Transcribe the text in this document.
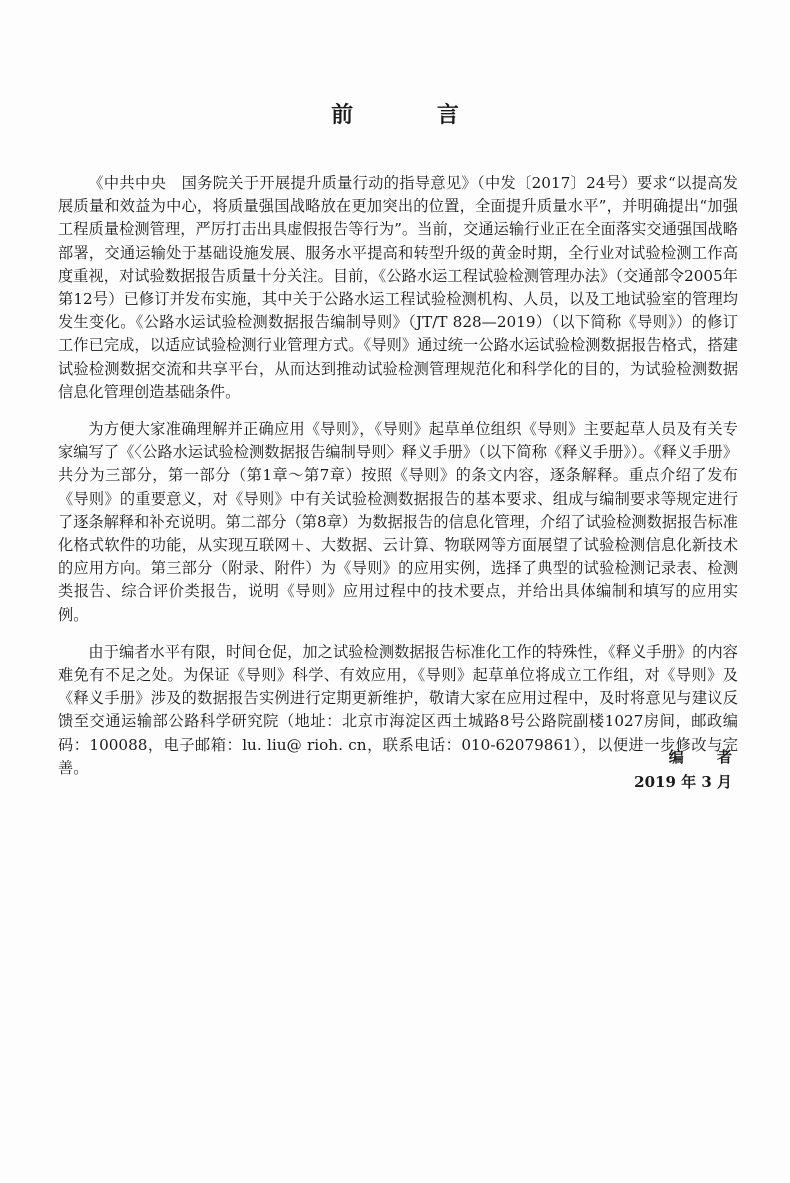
前 言

《中共中央　国务院关于开展提升质量行动的指导意见》（中发〔2017〕24号）要求“以提高发展质量和效益为中心，将质量强国战略放在更加突出的位置，全面提升质量水平”，并明确提出“加强工程质量检测管理，严厉打击出具虚假报告等行为”。当前，交通运输行业正在全面落实交通强国战略部署，交通运输处于基础设施发展、服务水平提高和转型升级的黄金时期，全行业对试验检测工作高度重视，对试验数据报告质量十分关注。目前，《公路水运工程试验检测管理办法》（交通部令2005年第12号）已修订并发布实施，其中关于公路水运工程试验检测机构、人员，以及工地试验室的管理均发生变化。《公路水运试验检测数据报告编制导则》（JT/T 828—2019）（以下简称《导则》）的修订工作已完成，以适应试验检测行业管理方式。《导则》通过统一公路水运试验检测数据报告格式，搭建试验检测数据交流和共享平台，从而达到推动试验检测管理规范化和科学化的目的，为试验检测数据信息化管理创造基础条件。

为方便大家准确理解并正确应用《导则》，《导则》起草单位组织《导则》主要起草人员及有关专家编写了《〈公路水运试验检测数据报告编制导则〉释义手册》（以下简称《释义手册》）。《释义手册》共分为三部分，第一部分（第1章～第7章）按照《导则》的条文内容，逐条解释。重点介绍了发布《导则》的重要意义，对《导则》中有关试验检测数据报告的基本要求、组成与编制要求等规定进行了逐条解释和补充说明。第二部分（第8章）为数据报告的信息化管理，介绍了试验检测数据报告标准化格式软件的功能，从实现互联网＋、大数据、云计算、物联网等方面展望了试验检测信息化新技术的应用方向。第三部分（附录、附件）为《导则》的应用实例，选择了典型的试验检测记录表、检测类报告、综合评价类报告，说明《导则》应用过程中的技术要点，并给出具体编制和填写的应用实例。

由于编者水平有限，时间仓促，加之试验检测数据报告标准化工作的特殊性，《释义手册》的内容难免有不足之处。为保证《导则》科学、有效应用，《导则》起草单位将成立工作组，对《导则》及《释义手册》涉及的数据报告实例进行定期更新维护，敬请大家在应用过程中，及时将意见与建议反馈至交通运输部公路科学研究院（地址：北京市海淀区西土城路8号公路院副楼1027房间，邮政编码：100088，电子邮箱：lu. liu@ rioh. cn，联系电话：010-62079861），以便进一步修改与完善。

编 者
2019 年 3 月
